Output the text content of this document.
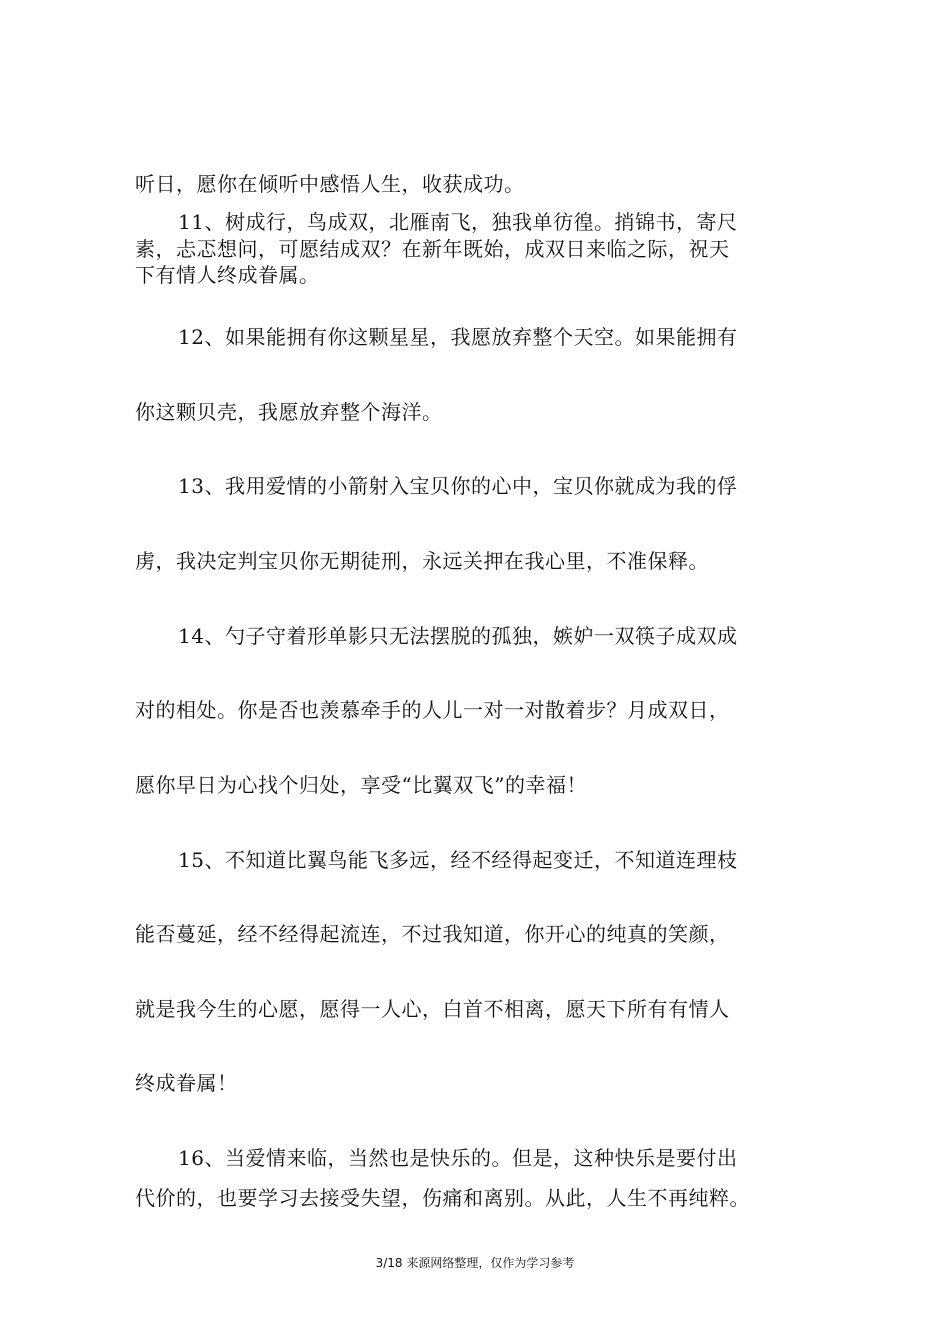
听日，愿你在倾听中感悟人生，收获成功。
11、树成行，鸟成双，北雁南飞，独我单彷徨。捎锦书，寄尺
素，忐忑想问，可愿结成双？在新年既始，成双日来临之际，祝天
下有情人终成眷属。
12、如果能拥有你这颗星星，我愿放弃整个天空。如果能拥有
你这颗贝壳，我愿放弃整个海洋。
13、我用爱情的小箭射入宝贝你的心中，宝贝你就成为我的俘
虏，我决定判宝贝你无期徒刑，永远关押在我心里，不准保释。
14、勺子守着形单影只无法摆脱的孤独，嫉妒一双筷子成双成
对的相处。你是否也羡慕牵手的人儿一对一对散着步？月成双日，
愿你早日为心找个归处，享受“比翼双飞”的幸福！
15、不知道比翼鸟能飞多远，经不经得起变迁，不知道连理枝
能否蔓延，经不经得起流连，不过我知道，你开心的纯真的笑颜，
就是我今生的心愿，愿得一人心，白首不相离，愿天下所有有情人
终成眷属！
16、当爱情来临，当然也是快乐的。但是，这种快乐是要付出
代价的，也要学习去接受失望，伤痛和离别。从此，人生不再纯粹。
3/18 来源网络整理，仅作为学习参考
